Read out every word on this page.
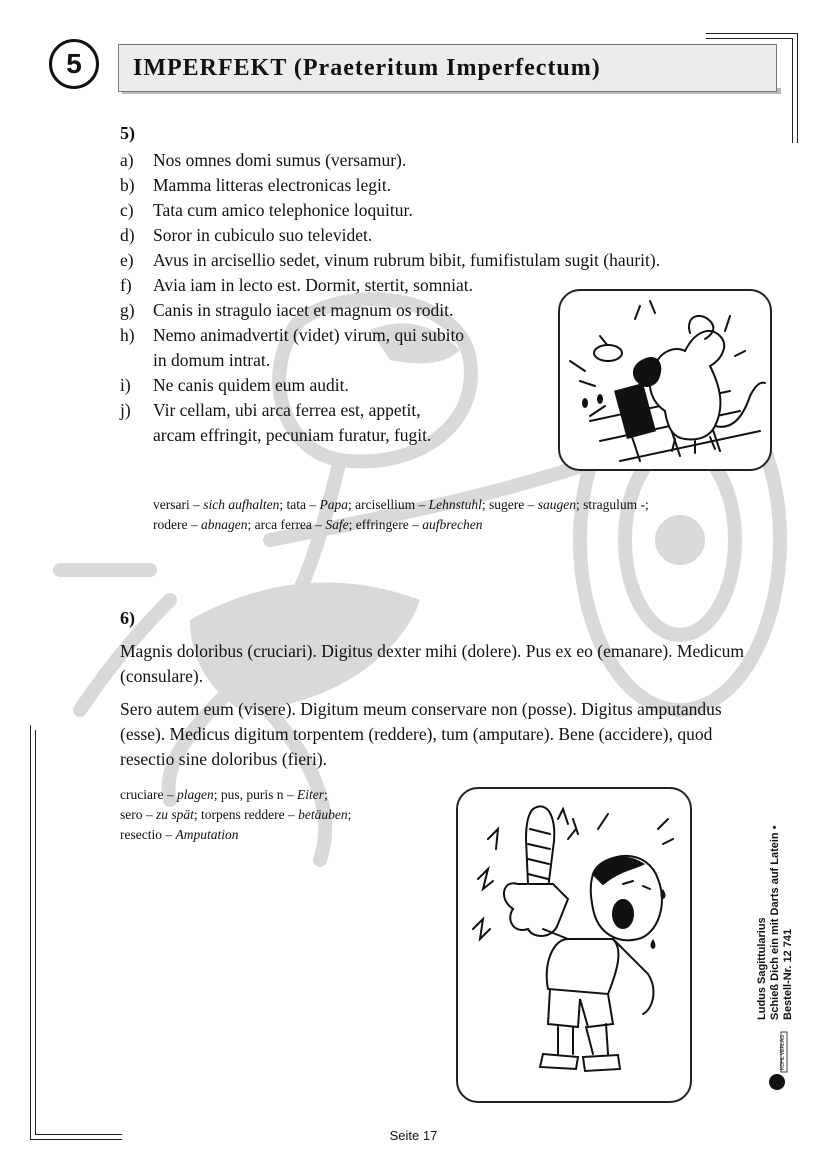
5	IMPERFEKT (Praeteritum Imperfectum)
5)
a) Nos omnes domi sumus (versamur).
b) Mamma litteras electronicas legit.
c) Tata cum amico telephonice loquitur.
d) Soror in cubiculo suo televidet.
e) Avus in arcisellio sedet, vinum rubrum bibit, fumifistulam sugit (haurit).
f) Avia iam in lecto est. Dormit, stertit, somniat.
g) Canis in stragulo iacet et magnum os rodit.
h) Nemo animadvertit (videt) virum, qui subito
in domum intrat.
i) Ne canis quidem eum audit.
j) Vir cellam, ubi arca ferrea est, appetit,
arcam effringit, pecuniam furatur, fugit.
versari – sich aufhalten; tata – Papa; arcisellium – Lehnstuhl; sugere – saugen; stragulum -;
rodere – abnagen; arca ferrea – Safe; effringere – aufbrechen
6)

Magnis doloribus (cruciari). Digitus dexter mihi (dolere). Pus ex eo (emanare). Medicum (consulare).

Sero autem eum (visere). Digitum meum conservare non (posse). Digitus amputandus (esse). Medicus digitum torpentem (reddere), tum (amputare). Bene (accidere), quod resectio sine doloribus (fieri).

cruciare – plagen; pus, puris n – Eiter;
sero – zu spät; torpens reddere – betäuben;
resectio – Amputation
Ludus Sagittularius Schieß Dich ein mit Darts auf Latein • Bestell-Nr. 12 741
KOHL VERLAG
Seite 17
